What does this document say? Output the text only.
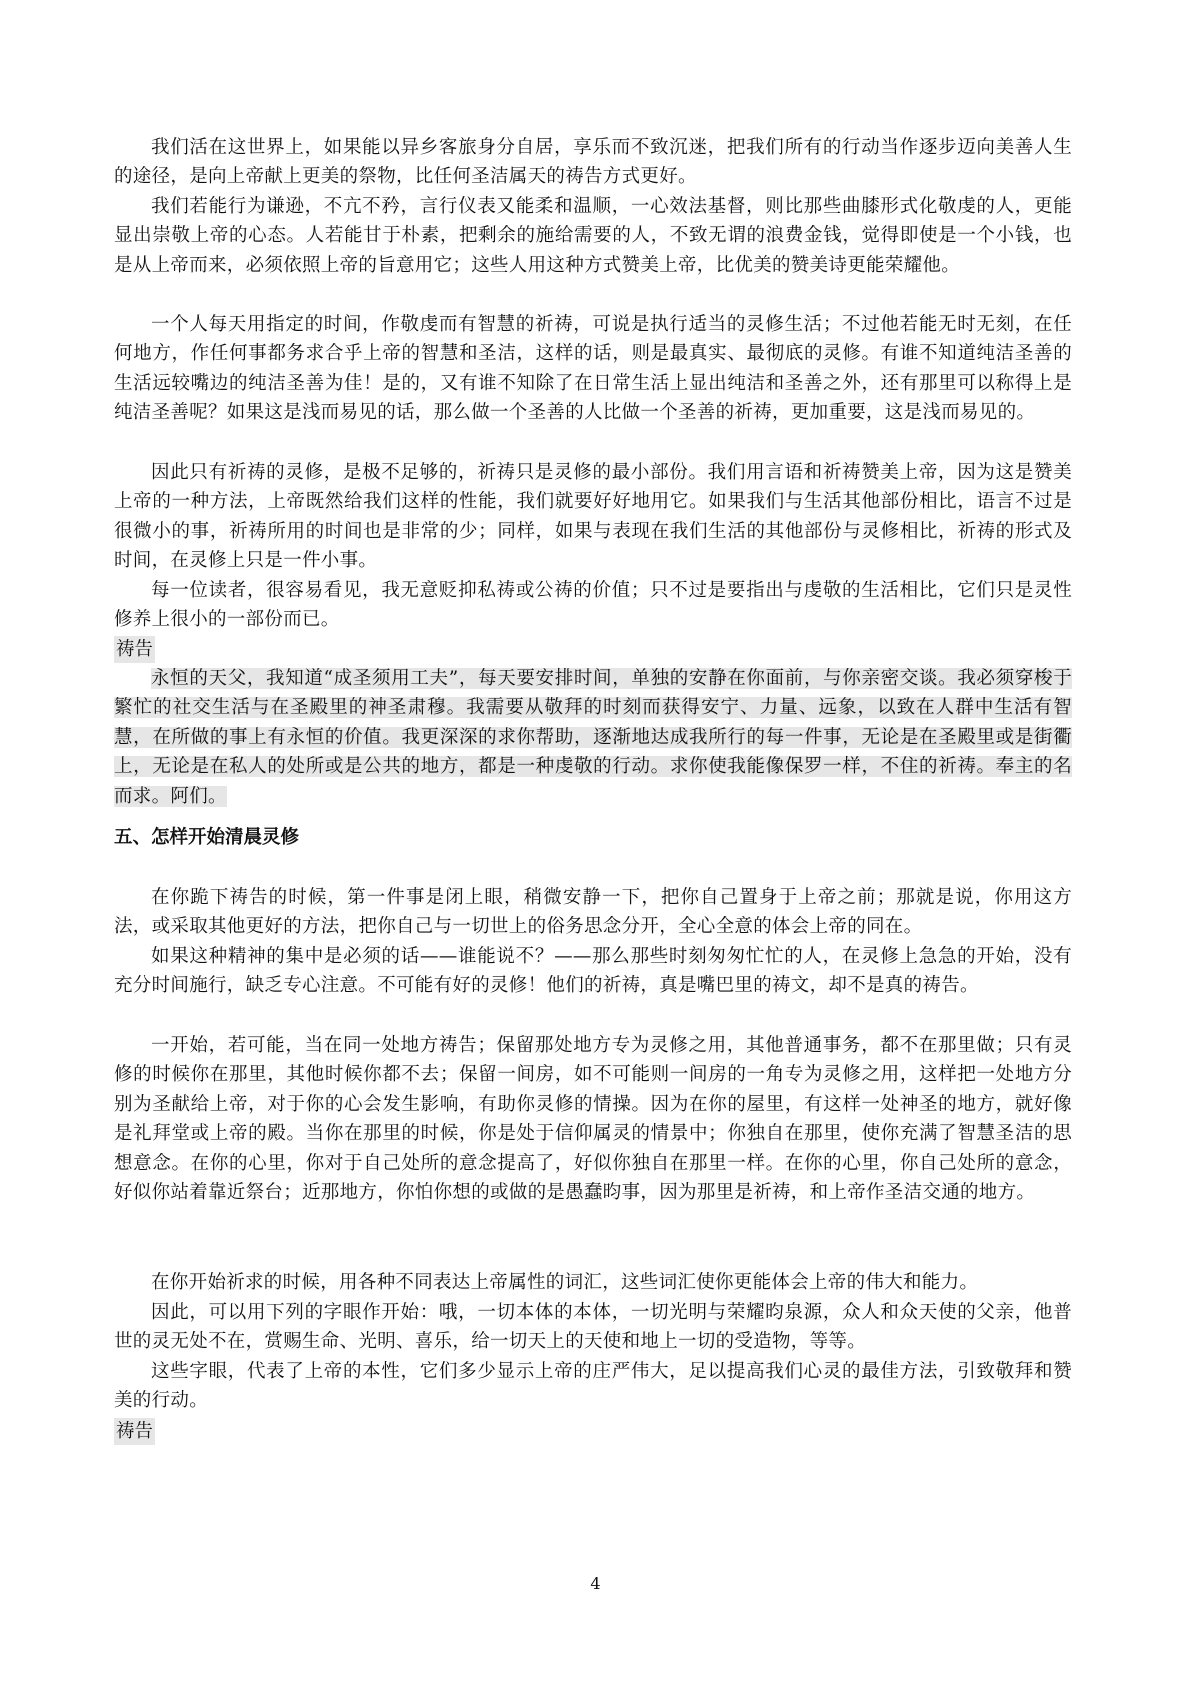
我们活在这世界上，如果能以异乡客旅身分自居，享乐而不致沉迷，把我们所有的行动当作逐步迈向美善人生的途径，是向上帝献上更美的祭物，比任何圣洁属天的祷告方式更好。

我们若能行为谦逊，不亢不矜，言行仪表又能柔和温顺，一心效法基督，则比那些曲膝形式化敬虔的人，更能显出崇敬上帝的心态。人若能甘于朴素，把剩余的施给需要的人，不致无谓的浪费金钱，觉得即使是一个小钱，也是从上帝而来，必须依照上帝的旨意用它；这些人用这种方式赞美上帝，比优美的赞美诗更能荣耀他。

一个人每天用指定的时间，作敬虔而有智慧的祈祷，可说是执行适当的灵修生活；不过他若能无时无刻，在任何地方，作任何事都务求合乎上帝的智慧和圣洁，这样的话，则是最真实、最彻底的灵修。有谁不知道纯洁圣善的生活远较嘴边的纯洁圣善为佳！是的，又有谁不知除了在日常生活上显出纯洁和圣善之外，还有那里可以称得上是纯洁圣善呢？如果这是浅而易见的话，那么做一个圣善的人比做一个圣善的祈祷，更加重要，这是浅而易见的。

因此只有祈祷的灵修，是极不足够的，祈祷只是灵修的最小部份。我们用言语和祈祷赞美上帝，因为这是赞美上帝的一种方法，上帝既然给我们这样的性能，我们就要好好地用它。如果我们与生活其他部份相比，语言不过是很微小的事，祈祷所用的时间也是非常的少；同样，如果与表现在我们生活的其他部份与灵修相比，祈祷的形式及时间，在灵修上只是一件小事。

每一位读者，很容易看见，我无意贬抑私祷或公祷的价值；只不过是要指出与虔敬的生活相比，它们只是灵性修养上很小的一部份而已。

祷告

永恒的天父，我知道“成圣须用工夫”，每天要安排时间，单独的安静在你面前，与你亲密交谈。我必须穿梭于繁忙的社交生活与在圣殿里的神圣肃穆。我需要从敬拜的时刻而获得安宁、力量、远象，以致在人群中生活有智慧，在所做的事上有永恒的价值。我更深深的求你帮助，逐渐地达成我所行的每一件事，无论是在圣殿里或是街衢上，无论是在私人的处所或是公共的地方，都是一种虔敬的行动。求你使我能像保罗一样，不住的祈祷。奉主的名而求。阿们。

五、怎样开始清晨灵修

在你跪下祷告的时候，第一件事是闭上眼，稍微安静一下，把你自己置身于上帝之前；那就是说，你用这方法，或采取其他更好的方法，把你自己与一切世上的俗务思念分开，全心全意的体会上帝的同在。

如果这种精神的集中是必须的话——谁能说不？——那么那些时刻匆匆忙忙的人，在灵修上急急的开始，没有充分时间施行，缺乏专心注意。不可能有好的灵修！他们的祈祷，真是嘴巴里的祷文，却不是真的祷告。

一开始，若可能，当在同一处地方祷告；保留那处地方专为灵修之用，其他普通事务，都不在那里做；只有灵修的时候你在那里，其他时候你都不去；保留一间房，如不可能则一间房的一角专为灵修之用，这样把一处地方分别为圣献给上帝，对于你的心会发生影响，有助你灵修的情操。因为在你的屋里，有这样一处神圣的地方，就好像是礼拜堂或上帝的殿。当你在那里的时候，你是处于信仰属灵的情景中；你独自在那里，使你充满了智慧圣洁的思想意念。在你的心里，你对于自己处所的意念提高了，好似你独自在那里一样。在你的心里，你自己处所的意念，好似你站着靠近祭台；近那地方，你怕你想的或做的是愚蠢昀事，因为那里是祈祷，和上帝作圣洁交通的地方。

在你开始祈求的时候，用各种不同表达上帝属性的词汇，这些词汇使你更能体会上帝的伟大和能力。

因此，可以用下列的字眼作开始：哦，一切本体的本体，一切光明与荣耀昀泉源，众人和众天使的父亲，他普世的灵无处不在，赏赐生命、光明、喜乐，给一切天上的天使和地上一切的受造物，等等。

这些字眼，代表了上帝的本性，它们多少显示上帝的庄严伟大，足以提高我们心灵的最佳方法，引致敬拜和赞美的行动。

祷告

4
